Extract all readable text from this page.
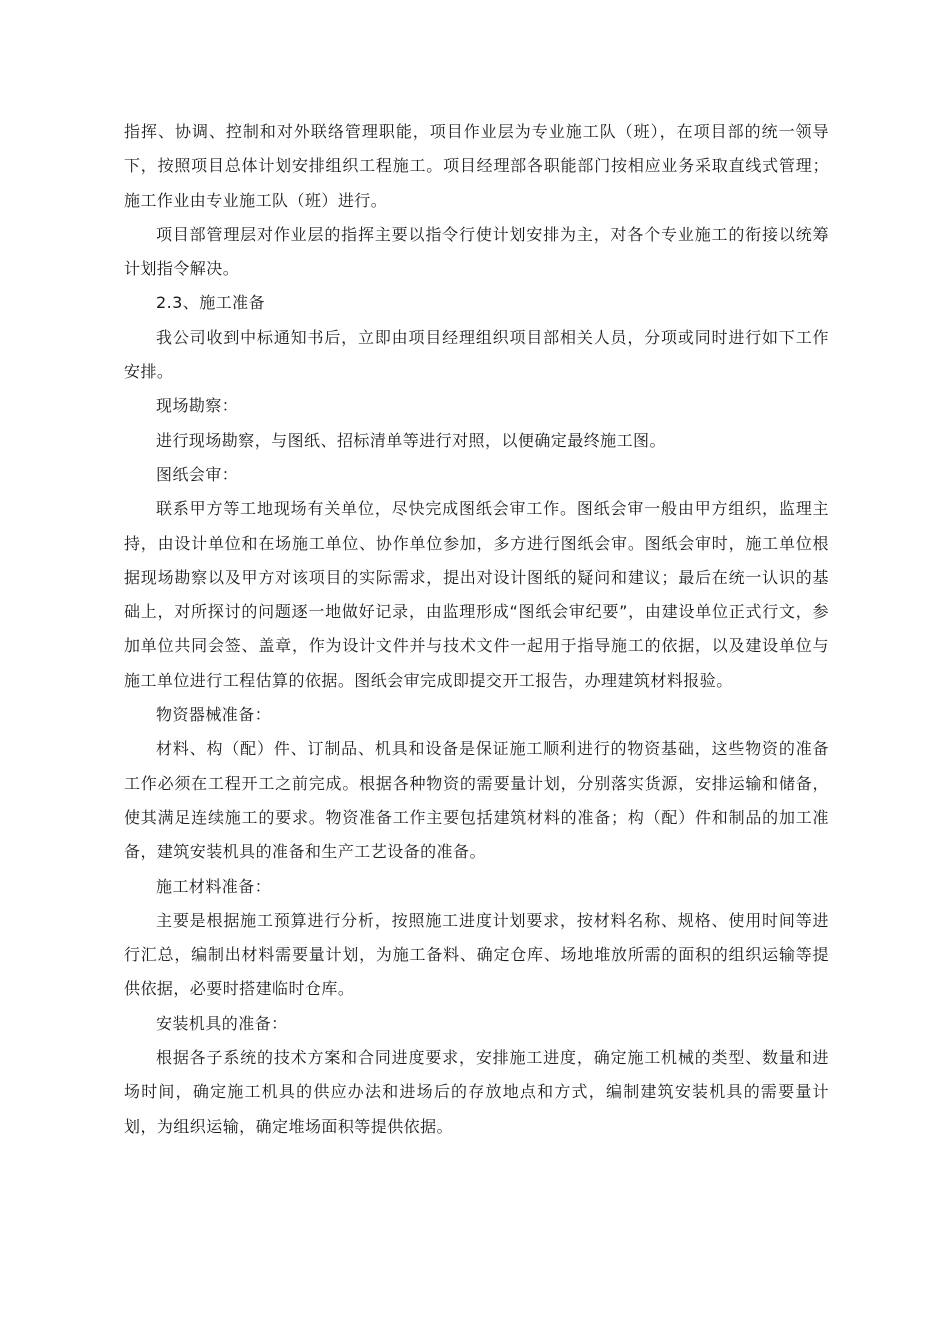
指挥、协调、控制和对外联络管理职能，项目作业层为专业施工队（班），在项目部的统一领导下，按照项目总体计划安排组织工程施工。项目经理部各职能部门按相应业务采取直线式管理；施工作业由专业施工队（班）进行。

项目部管理层对作业层的指挥主要以指令行使计划安排为主，对各个专业施工的衔接以统筹计划指令解决。

2.3、施工准备

我公司收到中标通知书后，立即由项目经理组织项目部相关人员，分项或同时进行如下工作安排。

现场勘察：

进行现场勘察，与图纸、招标清单等进行对照，以便确定最终施工图。

图纸会审：

联系甲方等工地现场有关单位，尽快完成图纸会审工作。图纸会审一般由甲方组织，监理主持，由设计单位和在场施工单位、协作单位参加，多方进行图纸会审。图纸会审时，施工单位根据现场勘察以及甲方对该项目的实际需求，提出对设计图纸的疑问和建议；最后在统一认识的基础上，对所探讨的问题逐一地做好记录，由监理形成“图纸会审纪要”，由建设单位正式行文，参加单位共同会签、盖章，作为设计文件并与技术文件一起用于指导施工的依据，以及建设单位与施工单位进行工程估算的依据。图纸会审完成即提交开工报告，办理建筑材料报验。

物资器械准备：

材料、构（配）件、订制品、机具和设备是保证施工顺利进行的物资基础，这些物资的准备工作必须在工程开工之前完成。根据各种物资的需要量计划，分别落实货源，安排运输和储备，使其满足连续施工的要求。物资准备工作主要包括建筑材料的准备；构（配）件和制品的加工准备，建筑安装机具的准备和生产工艺设备的准备。

施工材料准备：

主要是根据施工预算进行分析，按照施工进度计划要求，按材料名称、规格、使用时间等进行汇总，编制出材料需要量计划，为施工备料、确定仓库、场地堆放所需的面积的组织运输等提供依据，必要时搭建临时仓库。

安装机具的准备：

根据各子系统的技术方案和合同进度要求，安排施工进度，确定施工机械的类型、数量和进场时间，确定施工机具的供应办法和进场后的存放地点和方式，编制建筑安装机具的需要量计划，为组织运输，确定堆场面积等提供依据。
